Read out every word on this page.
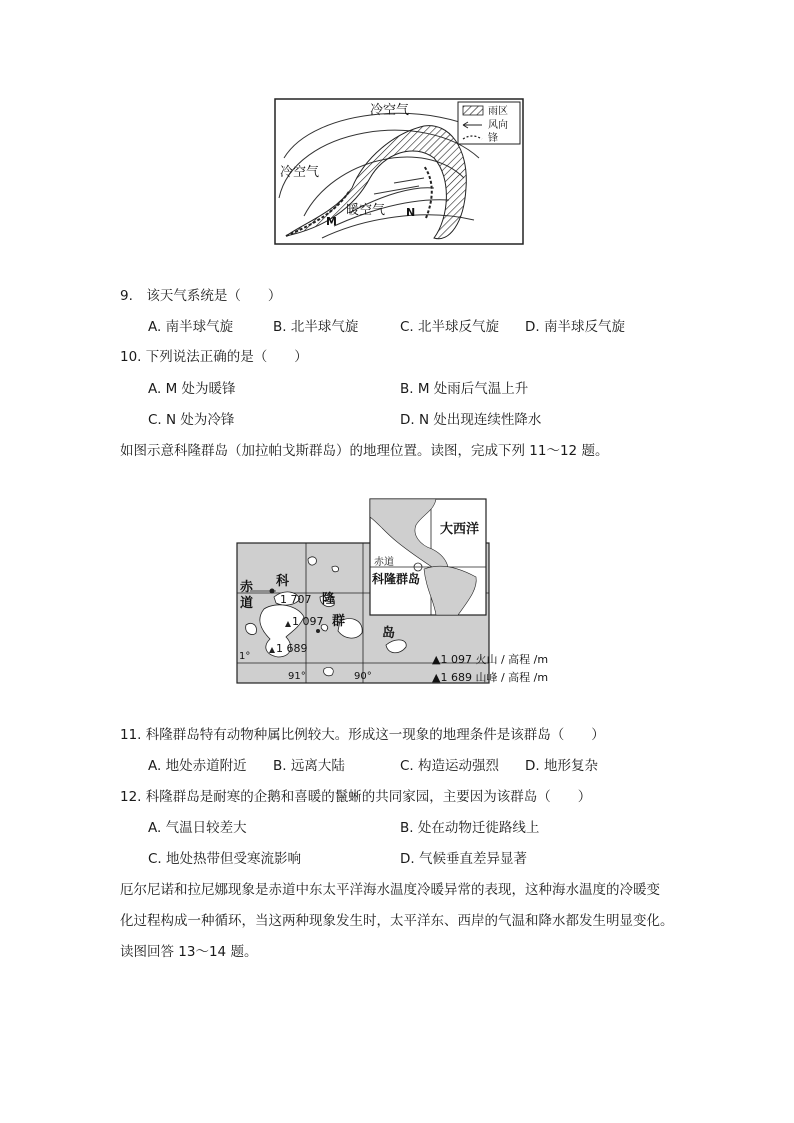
冷空气
冷空气
暖空气
M
N
雨区
风向
锋
9.　该天气系统是（　　）
A. 南半球气旋	B. 北半球气旋	C. 北半球反气旋 D. 南半球反气旋
10. 下列说法正确的是（　　）
A. M 处为暖锋	B. M 处雨后气温上升
C. N 处为冷锋	D. N 处出现连续性降水
如图示意科隆群岛（加拉帕戈斯群岛）的地理位置。读图，完成下列 11～12 题。
赤
道
科
隆
群
岛
1 707
1 097
1 689
1°
91°	90°
大西洋
赤道
科隆群岛
▲1 097 火山 / 高程 /m
▲1 689 山峰 / 高程 /m
11. 科隆群岛特有动物种属比例较大。形成这一现象的地理条件是该群岛（　　）
A. 地处赤道附近 B. 远离大陆	C. 构造运动强烈 D. 地形复杂
12. 科隆群岛是耐寒的企鹅和喜暖的鬣蜥的共同家园，主要因为该群岛（　　）
A. 气温日较差大	B. 处在动物迁徙路线上
C. 地处热带但受寒流影响	D. 气候垂直差异显著
厄尔尼诺和拉尼娜现象是赤道中东太平洋海水温度冷暖异常的表现，这种海水温度的冷暖变
化过程构成一种循环，当这两种现象发生时，太平洋东、西岸的气温和降水都发生明显变化。
读图回答 13～14 题。
